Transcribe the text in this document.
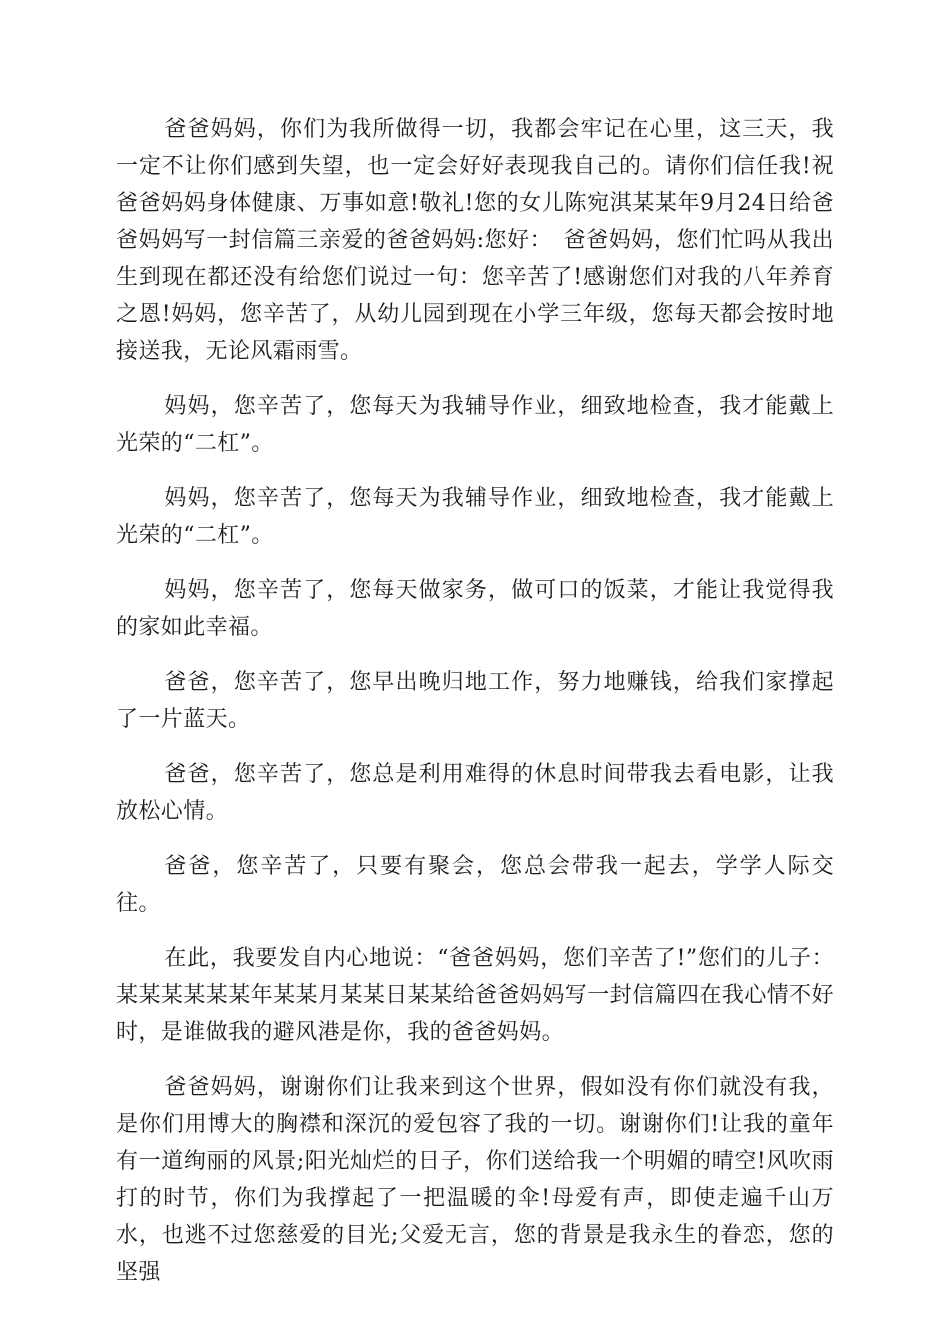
爸爸妈妈，你们为我所做得一切，我都会牢记在心里，这三天，我一定不让你们感到失望，也一定会好好表现我自己的。请你们信任我!祝爸爸妈妈身体健康、万事如意!敬礼!您的女儿陈宛淇某某年9月24日给爸爸妈妈写一封信篇三亲爱的爸爸妈妈:您好：　爸爸妈妈，您们忙吗从我出生到现在都还没有给您们说过一句：您辛苦了!感谢您们对我的八年养育之恩!妈妈，您辛苦了，从幼儿园到现在小学三年级，您每天都会按时地接送我，无论风霜雨雪。

妈妈，您辛苦了，您每天为我辅导作业，细致地检查，我才能戴上光荣的“二杠”。

妈妈，您辛苦了，您每天为我辅导作业，细致地检查，我才能戴上光荣的“二杠”。

妈妈，您辛苦了，您每天做家务，做可口的饭菜，才能让我觉得我的家如此幸福。

爸爸，您辛苦了，您早出晚归地工作，努力地赚钱，给我们家撑起了一片蓝天。

爸爸，您辛苦了，您总是利用难得的休息时间带我去看电影，让我放松心情。

爸爸，您辛苦了，只要有聚会，您总会带我一起去，学学人际交往。

在此，我要发自内心地说：“爸爸妈妈，您们辛苦了!”您们的儿子：某某某某某某年某某月某某日某某给爸爸妈妈写一封信篇四在我心情不好时，是谁做我的避风港是你，我的爸爸妈妈。

爸爸妈妈，谢谢你们让我来到这个世界，假如没有你们就没有我，是你们用博大的胸襟和深沉的爱包容了我的一切。谢谢你们!让我的童年有一道绚丽的风景;阳光灿烂的日子，你们送给我一个明媚的晴空!风吹雨打的时节，你们为我撑起了一把温暖的伞!母爱有声，即使走遍千山万水，也逃不过您慈爱的目光;父爱无言，您的背景是我永生的眷恋，您的坚强
